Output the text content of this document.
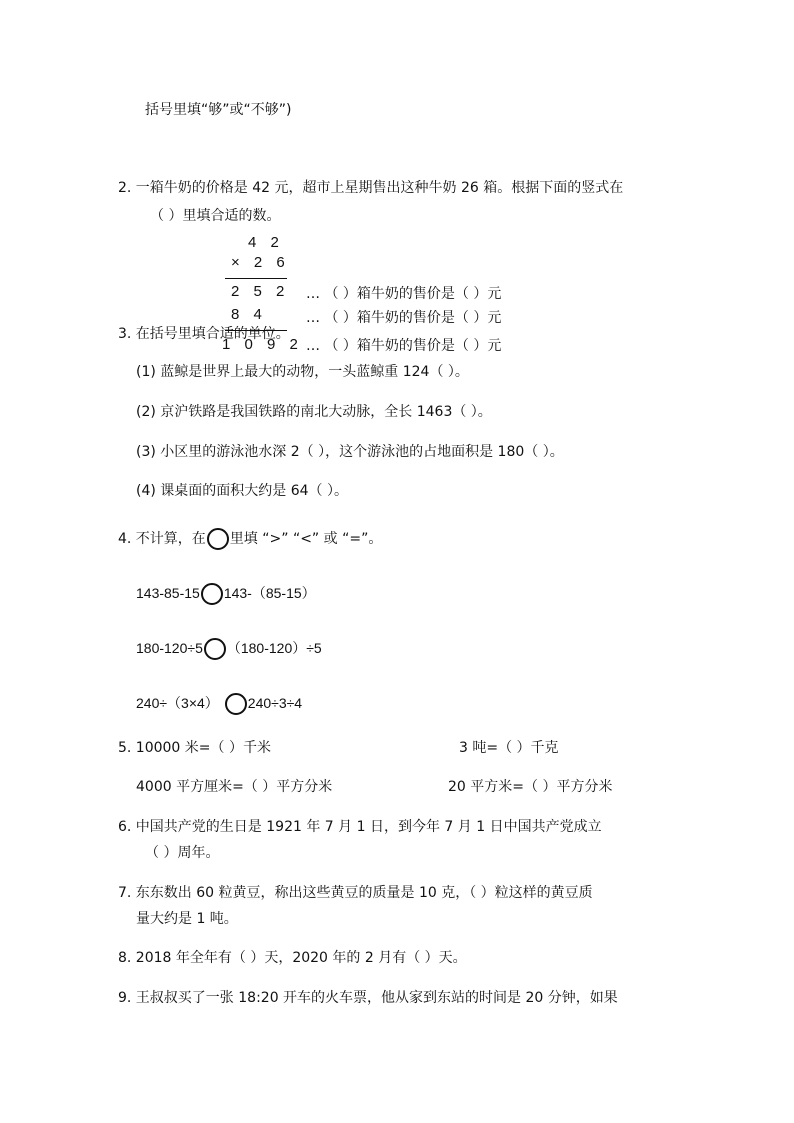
括号里填“够”或“不够”)
2. 一箱牛奶的价格是 42 元，超市上星期售出这种牛奶 26 箱。根据下面的竖式在
（ ）里填合适的数。
4 2
× 2 6
2 5 2
8 4
1 0 9 2
… （ ）箱牛奶的售价是（ ）元
… （ ）箱牛奶的售价是（ ）元
… （ ）箱牛奶的售价是（ ）元
3. 在括号里填合适的单位。
(1) 蓝鲸是世界上最大的动物，一头蓝鲸重 124（ ）。
(2) 京沪铁路是我国铁路的南北大动脉，全长 1463（ ）。
(3) 小区里的游泳池水深 2（ ），这个游泳池的占地面积是 180（ ）。
(4) 课桌面的面积大约是 64（ ）。
4. 不计算，在 里填 “>” “<” 或 “=”。
143-85-15 143-（85-15）
180-120÷5 （180-120）÷5
240÷（3×4） 240÷3÷4
5. 10000 米=（ ）千米	3 吨=（ ）千克
4000 平方厘米=（ ）平方分米	20 平方米=（ ）平方分米
6. 中国共产党的生日是 1921 年 7 月 1 日，到今年 7 月 1 日中国共产党成立
（ ）周年。
7. 东东数出 60 粒黄豆，称出这些黄豆的质量是 10 克，（ ）粒这样的黄豆质
量大约是 1 吨。
8. 2018 年全年有（ ）天，2020 年的 2 月有（ ）天。
9. 王叔叔买了一张 18:20 开车的火车票，他从家到东站的时间是 20 分钟，如果
